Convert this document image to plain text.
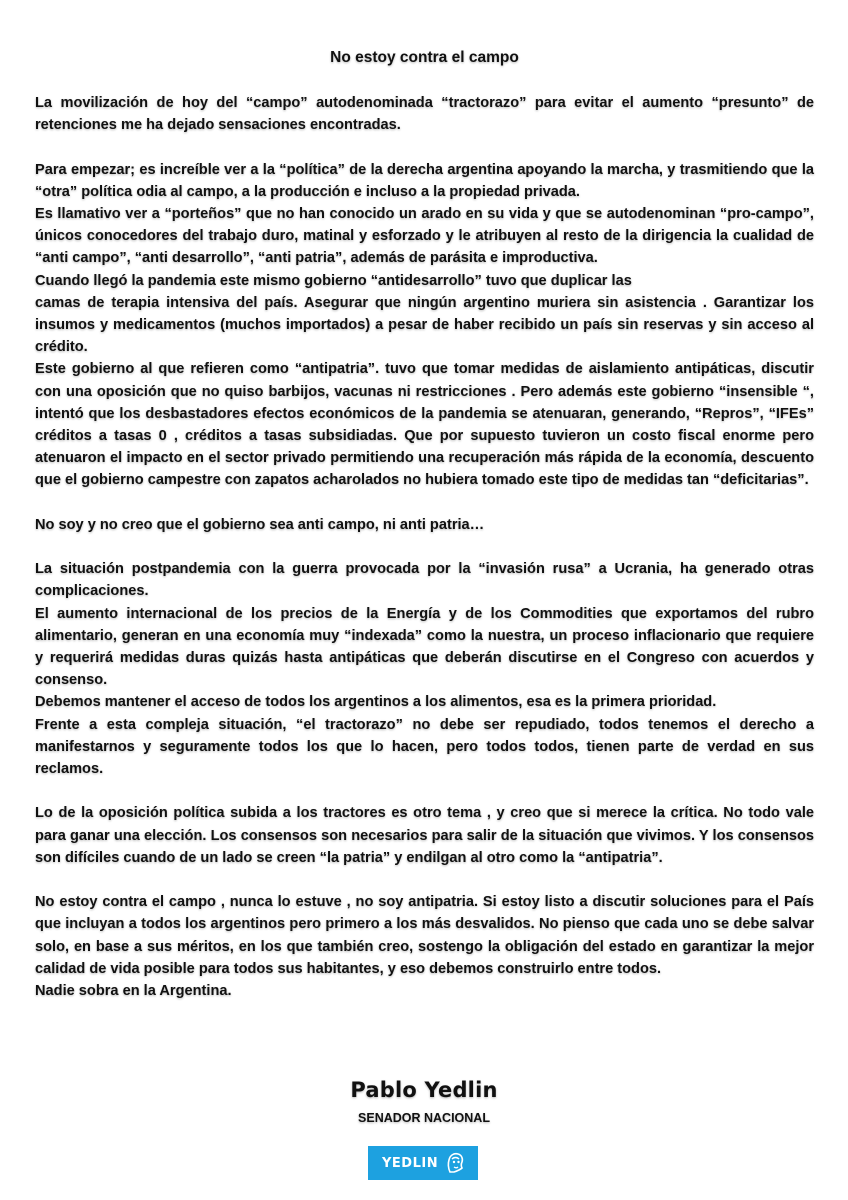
No estoy contra el campo

La movilización de hoy del “campo” autodenominada “tractorazo” para evitar el aumento “presunto” de retenciones me ha dejado sensaciones encontradas.

Para empezar; es increíble ver a la “política” de la derecha argentina apoyando la marcha, y trasmitiendo que la “otra” política odia al campo, a la producción e incluso a la propiedad privada.

Es llamativo ver a “porteños” que no han conocido un arado en su vida y que se autodenominan “pro-campo”, únicos conocedores del trabajo duro, matinal y esforzado y le atribuyen al resto de la dirigencia la cualidad de “anti campo”, “anti desarrollo”, “anti patria”, además de parásita e improductiva.

Cuando llegó la pandemia este mismo gobierno “antidesarrollo” tuvo que duplicar las

camas de terapia intensiva del país. Asegurar que ningún argentino muriera sin asistencia . Garantizar los insumos y medicamentos (muchos importados) a pesar de haber recibido un país sin reservas y sin acceso al crédito.

Este gobierno al que refieren como “antipatria”. tuvo que tomar medidas de aislamiento antipáticas, discutir con una oposición que no quiso barbijos, vacunas ni restricciones . Pero además este gobierno “insensible “, intentó que los desbastadores efectos económicos de la pandemia se atenuaran, generando, “Repros”, “IFEs” créditos a tasas 0 , créditos a tasas subsidiadas. Que por supuesto tuvieron un costo fiscal enorme pero atenuaron el impacto en el sector privado permitiendo una recuperación más rápida de la economía, descuento que el gobierno campestre con zapatos acharolados no hubiera tomado este tipo de medidas tan “deficitarias”.

No soy y no creo que el gobierno sea anti campo, ni anti patria…

La situación postpandemia con la guerra provocada por la “invasión rusa” a Ucrania, ha generado otras complicaciones.

El aumento internacional de los precios de la Energía y de los Commodities que exportamos del rubro alimentario, generan en una economía muy “indexada” como la nuestra, un proceso inflacionario que requiere y requerirá medidas duras quizás hasta antipáticas que deberán discutirse en el Congreso con acuerdos y consenso.

Debemos mantener el acceso de todos los argentinos a los alimentos, esa es la primera prioridad.

Frente a esta compleja situación, “el tractorazo” no debe ser repudiado, todos tenemos el derecho a manifestarnos y seguramente todos los que lo hacen, pero todos todos, tienen parte de verdad en sus reclamos.

Lo de la oposición política subida a los tractores es otro tema , y creo que si merece la crítica. No todo vale para ganar una elección. Los consensos son necesarios para salir de la situación que vivimos. Y los consensos son difíciles cuando de un lado se creen “la patria” y endilgan al otro como la “antipatria”.

No estoy contra el campo , nunca lo estuve , no soy antipatria. Si estoy listo a discutir soluciones para el País que incluyan a todos los argentinos pero primero a los más desvalidos. No pienso que cada uno se debe salvar solo, en base a sus méritos, en los que también creo, sostengo la obligación del estado en garantizar la mejor calidad de vida posible para todos sus habitantes, y eso debemos construirlo entre todos.

Nadie sobra en la Argentina.

Pablo Yedlin
SENADOR NACIONAL
YEDLIN
